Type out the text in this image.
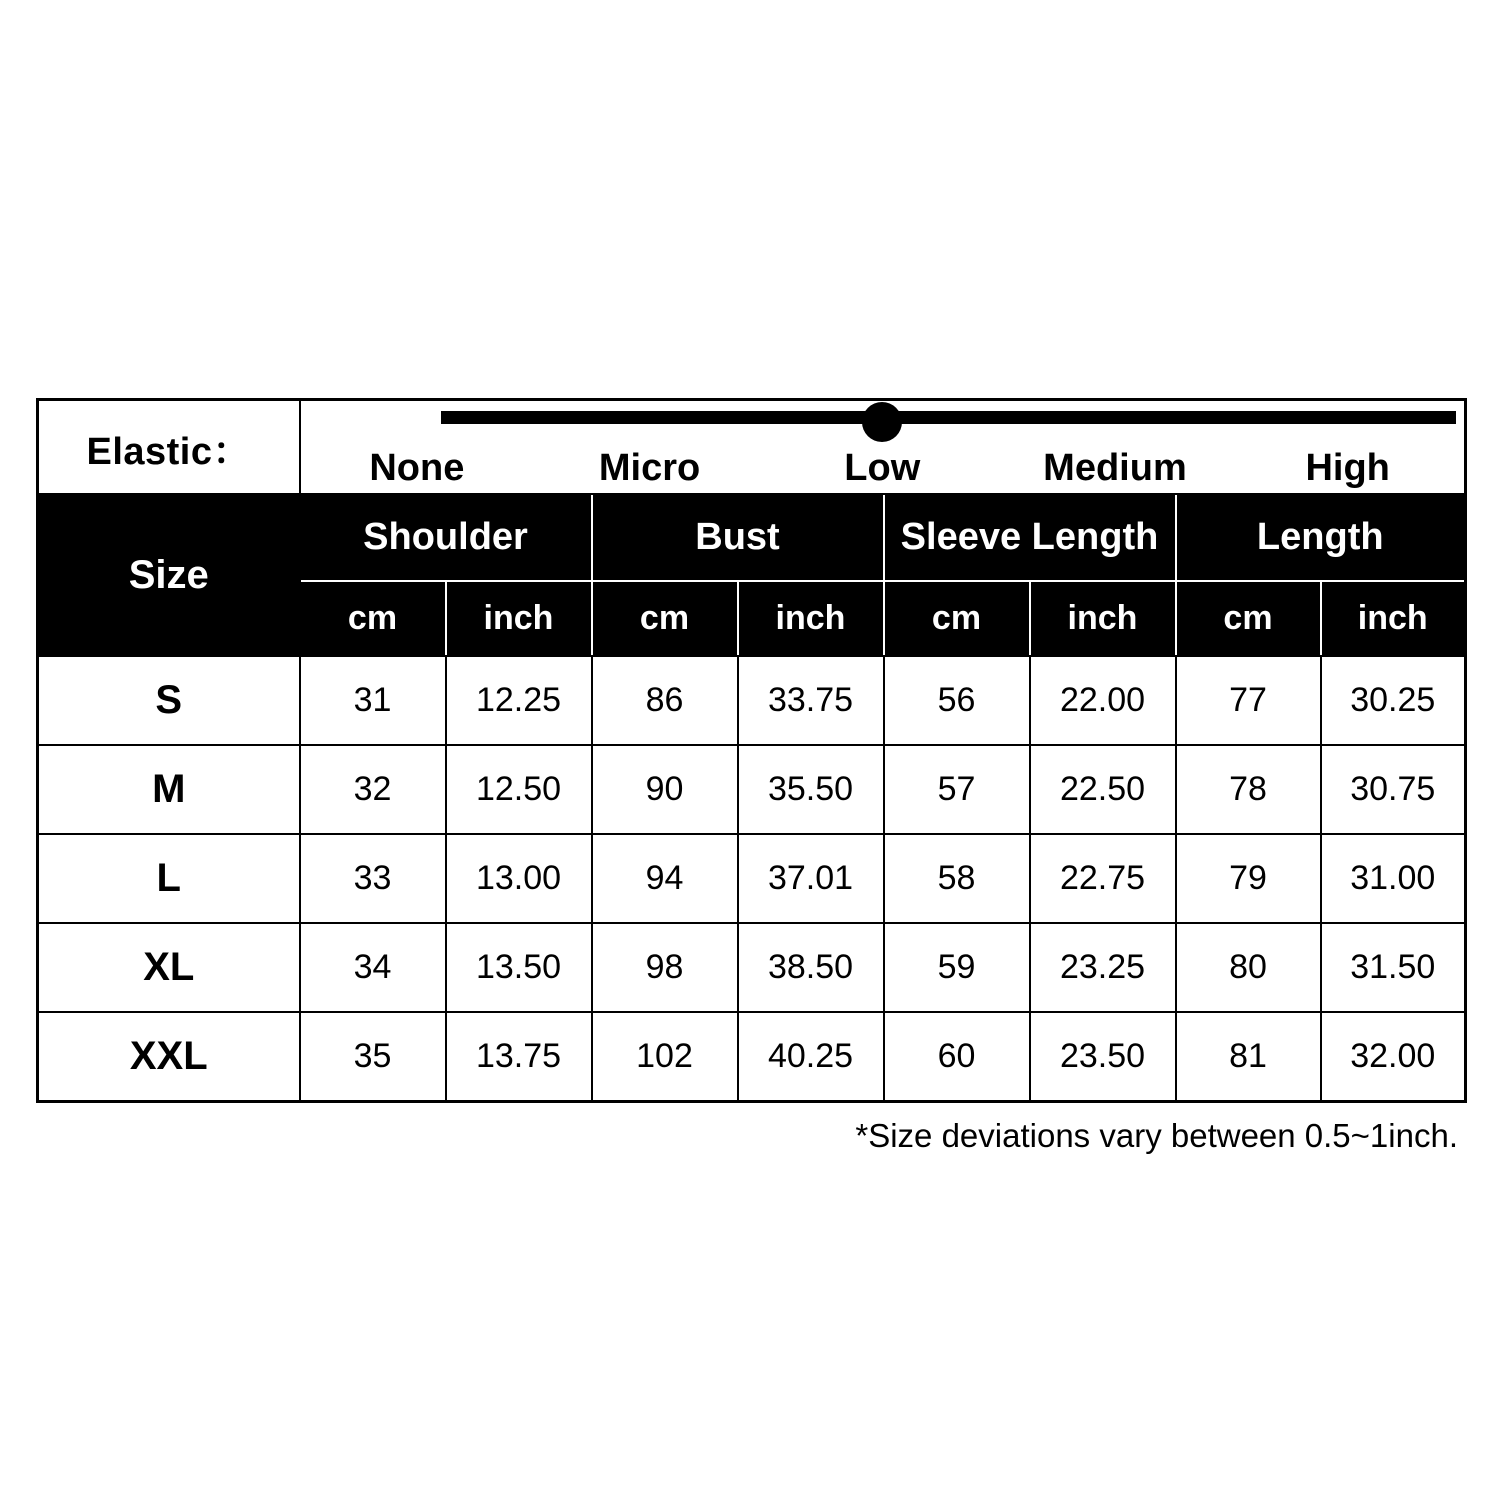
Elastic：	None Micro Low Medium High							

Size	Shoulder		Bust		Sleeve Length		Length	
	cm	inch	cm	inch	cm	inch	cm	inch
S	31	12.25	86	33.75	56	22.00	77	30.25
M	32	12.50	90	35.50	57	22.50	78	30.75
L	33	13.00	94	37.01	58	22.75	79	31.00
XL	34	13.50	98	38.50	59	23.25	80	31.50
XXL	35	13.75	102	40.25	60	23.50	81	32.00
*Size deviations vary between 0.5~1inch.
